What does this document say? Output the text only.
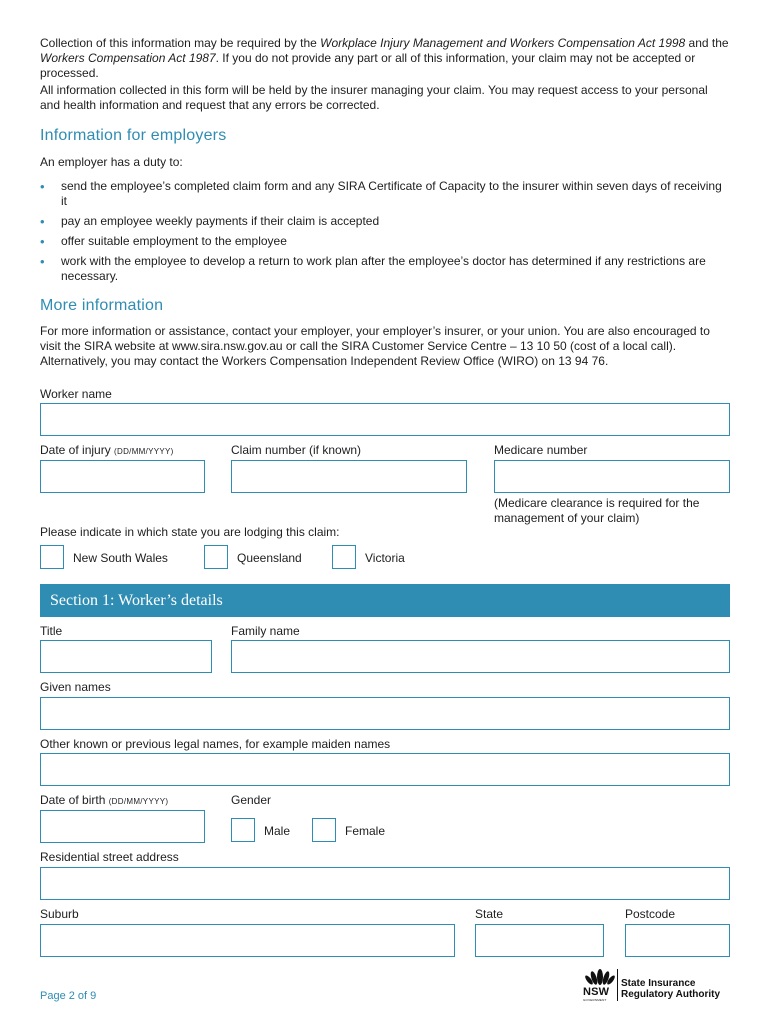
Collection of this information may be required by the Workplace Injury Management and Workers Compensation Act 1998 and the Workers Compensation Act 1987. If you do not provide any part or all of this information, your claim may not be accepted or processed.

All information collected in this form will be held by the insurer managing your claim. You may request access to your personal and health information and request that any errors be corrected.

Information for employers

An employer has a duty to:

• send the employee’s completed claim form and any SIRA Certificate of Capacity to the insurer within seven days of receiving it
• pay an employee weekly payments if their claim is accepted
• offer suitable employment to the employee
• work with the employee to develop a return to work plan after the employee’s doctor has determined if any restrictions are necessary.
More information

For more information or assistance, contact your employer, your employer’s insurer, or your union. You are also encouraged to visit the SIRA website at www.sira.nsw.gov.au or call the SIRA Customer Service Centre – 13 10 50 (cost of a local call). Alternatively, you may contact the Workers Compensation Independent Review Office (WIRO) on 13 94 76.

Worker name
Date of injury (DD/MM/YYYY)	Claim number (if known)	Medicare number
(Medicare clearance is required for the management of your claim)
Please indicate in which state you are lodging this claim:
New South Wales	Queensland	Victoria
Section 1: Worker’s details
Title	Family name
Given names
Other known or previous legal names, for example maiden names
Date of birth (DD/MM/YYYY)	Gender
Male	Female
Residential street address
Suburb	State	Postcode
Page 2 of 9	NSW
GOVERNMENT
State Insurance
Regulatory Authority
